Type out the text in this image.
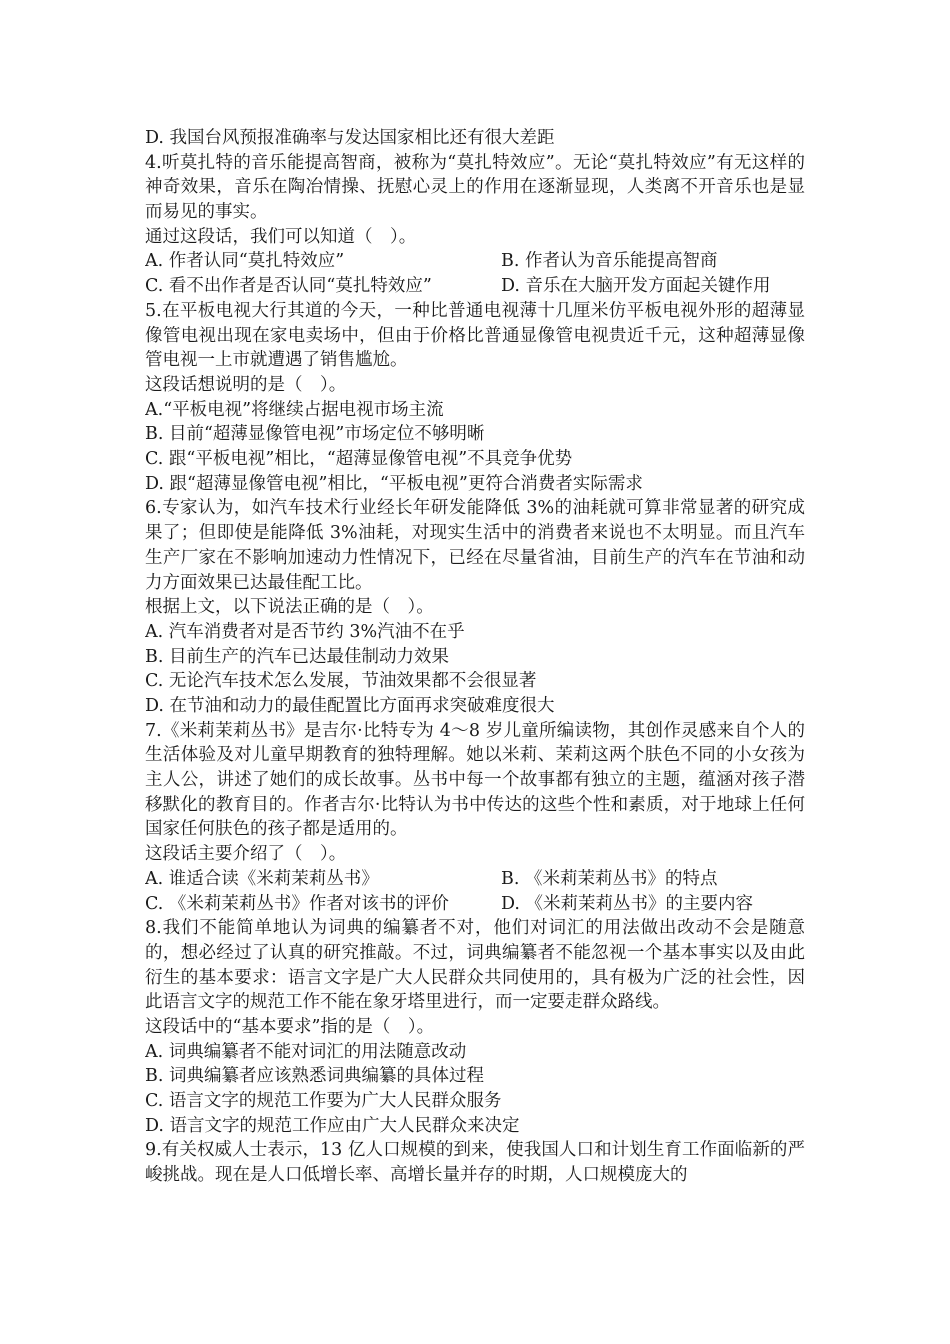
D. 我国台风预报准确率与发达国家相比还有很大差距
4.听莫扎特的音乐能提高智商，被称为“莫扎特效应”。无论“莫扎特效应”有无这样的神奇效果，音乐在陶冶情操、抚慰心灵上的作用在逐渐显现，人类离不开音乐也是显而易见的事实。
通过这段话，我们可以知道（　）。
A. 作者认同“莫扎特效应”	B. 作者认为音乐能提高智商
C. 看不出作者是否认同“莫扎特效应”	D. 音乐在大脑开发方面起关键作用
5.在平板电视大行其道的今天，一种比普通电视薄十几厘米仿平板电视外形的超薄显像管电视出现在家电卖场中，但由于价格比普通显像管电视贵近千元，这种超薄显像管电视一上市就遭遇了销售尴尬。
这段话想说明的是（　）。
A.“平板电视”将继续占据电视市场主流
B. 目前“超薄显像管电视”市场定位不够明晰
C. 跟“平板电视”相比，“超薄显像管电视”不具竞争优势
D. 跟“超薄显像管电视”相比，“平板电视”更符合消费者实际需求
6.专家认为，如汽车技术行业经长年研发能降低 3%的油耗就可算非常显著的研究成果了；但即使是能降低 3%油耗，对现实生活中的消费者来说也不太明显。而且汽车生产厂家在不影响加速动力性情况下，已经在尽量省油，目前生产的汽车在节油和动力方面效果已达最佳配工比。
根据上文，以下说法正确的是（　）。
A. 汽车消费者对是否节约 3%汽油不在乎
B. 目前生产的汽车已达最佳制动力效果
C. 无论汽车技术怎么发展，节油效果都不会很显著
D. 在节油和动力的最佳配置比方面再求突破难度很大
7.《米莉茉莉丛书》是吉尔·比特专为 4～8 岁儿童所编读物，其创作灵感来自个人的生活体验及对儿童早期教育的独特理解。她以米莉、茉莉这两个肤色不同的小女孩为主人公，讲述了她们的成长故事。丛书中每一个故事都有独立的主题，蕴涵对孩子潜移默化的教育目的。作者吉尔·比特认为书中传达的这些个性和素质，对于地球上任何国家任何肤色的孩子都是适用的。
这段话主要介绍了（　）。
A. 谁适合读《米莉茉莉丛书》	B. 《米莉茉莉丛书》的特点
C. 《米莉茉莉丛书》作者对该书的评价	D. 《米莉茉莉丛书》的主要内容
8.我们不能简单地认为词典的编纂者不对，他们对词汇的用法做出改动不会是随意的，想必经过了认真的研究推敲。不过，词典编纂者不能忽视一个基本事实以及由此衍生的基本要求：语言文字是广大人民群众共同使用的，具有极为广泛的社会性，因此语言文字的规范工作不能在象牙塔里进行，而一定要走群众路线。
这段话中的“基本要求”指的是（　）。
A. 词典编纂者不能对词汇的用法随意改动
B. 词典编纂者应该熟悉词典编纂的具体过程
C. 语言文字的规范工作要为广大人民群众服务
D. 语言文字的规范工作应由广大人民群众来决定
9.有关权威人士表示，13 亿人口规模的到来，使我国人口和计划生育工作面临新的严峻挑战。现在是人口低增长率、高增长量并存的时期，人口规模庞大的
